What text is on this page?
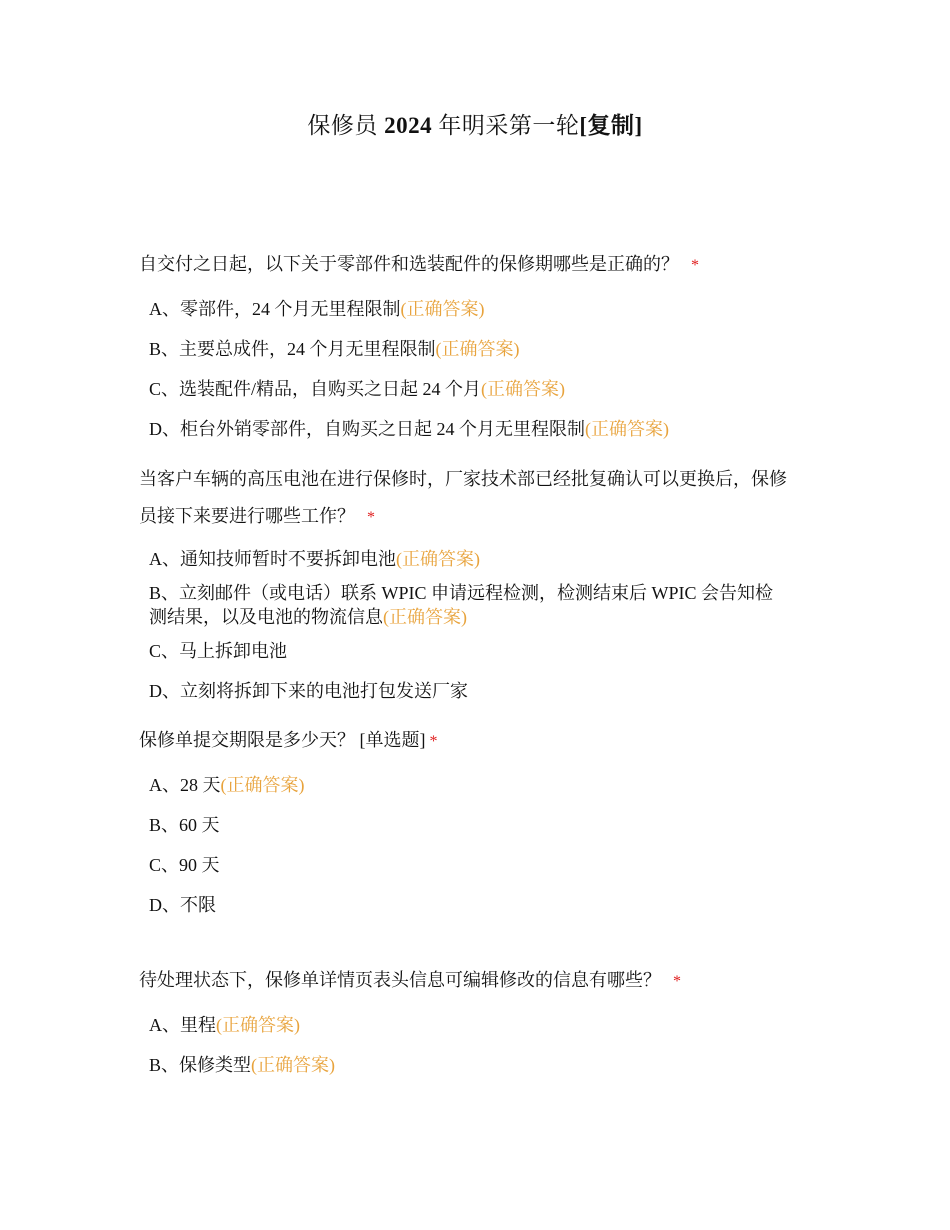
保修员 2024 年明采第一轮[复制]

自交付之日起，以下关于零部件和选装配件的保修期哪些是正确的？ *

A、零部件，24 个月无里程限制(正确答案)
B、主要总成件，24 个月无里程限制(正确答案)
C、选装配件/精品，自购买之日起 24 个月(正确答案)
D、柜台外销零部件，自购买之日起 24 个月无里程限制(正确答案)

当客户车辆的高压电池在进行保修时，厂家技术部已经批复确认可以更换后，保修
员接下来要进行哪些工作？ *

A、通知技师暂时不要拆卸电池(正确答案)
B、立刻邮件（或电话）联系 WPIC 申请远程检测，检测结束后 WPIC 会告知检
测结果，以及电池的物流信息(正确答案)
C、马上拆卸电池
D、立刻将拆卸下来的电池打包发送厂家

保修单提交期限是多少天？ [单选题] *

A、28 天(正确答案)
B、60 天
C、90 天
D、不限

待处理状态下，保修单详情页表头信息可编辑修改的信息有哪些？ *

A、里程(正确答案)
B、保修类型(正确答案)
